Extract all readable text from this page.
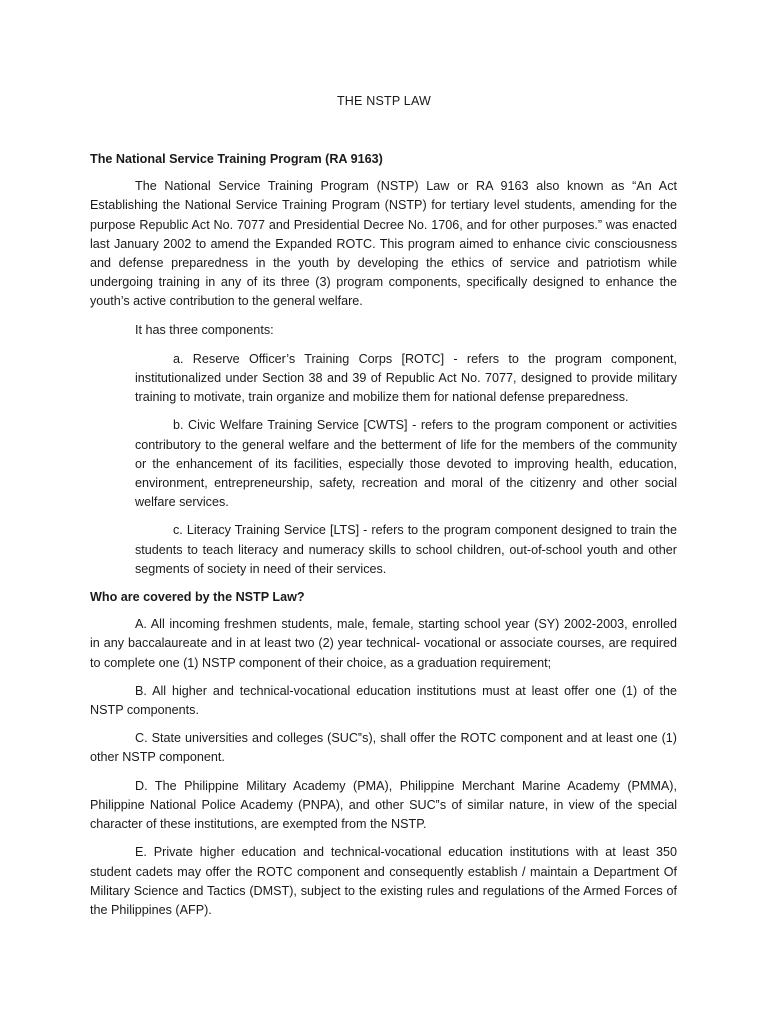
THE NSTP LAW
The National Service Training Program (RA 9163)

The National Service Training Program (NSTP) Law or RA 9163 also known as “An Act Establishing the National Service Training Program (NSTP) for tertiary level students, amending for the purpose Republic Act No. 7077 and Presidential Decree No. 1706, and for other purposes.” was enacted last January 2002 to amend the Expanded ROTC. This program aimed to enhance civic consciousness and defense preparedness in the youth by developing the ethics of service and patriotism while undergoing training in any of its three (3) program components, specifically designed to enhance the youth’s active contribution to the general welfare.

It has three components:

a. Reserve Officer’s Training Corps [ROTC] - refers to the program component, institutionalized under Section 38 and 39 of Republic Act No. 7077, designed to provide military training to motivate, train organize and mobilize them for national defense preparedness.

b. Civic Welfare Training Service [CWTS] - refers to the program component or activities contributory to the general welfare and the betterment of life for the members of the community or the enhancement of its facilities, especially those devoted to improving health, education, environment, entrepreneurship, safety, recreation and moral of the citizenry and other social welfare services.

c. Literacy Training Service [LTS] - refers to the program component designed to train the students to teach literacy and numeracy skills to school children, out-of-school youth and other segments of society in need of their services.

Who are covered by the NSTP Law?

A. All incoming freshmen students, male, female, starting school year (SY) 2002-2003, enrolled in any baccalaureate and in at least two (2) year technical- vocational or associate courses, are required to complete one (1) NSTP component of their choice, as a graduation requirement;

B. All higher and technical-vocational education institutions must at least offer one (1) of the NSTP components.

C. State universities and colleges (SUC‟s), shall offer the ROTC component and at least one (1) other NSTP component.

D. The Philippine Military Academy (PMA), Philippine Merchant Marine Academy (PMMA), Philippine National Police Academy (PNPA), and other SUC‟s of similar nature, in view of the special character of these institutions, are exempted from the NSTP.

E. Private higher education and technical-vocational education institutions with at least 350 student cadets may offer the ROTC component and consequently establish / maintain a Department Of Military Science and Tactics (DMST), subject to the existing rules and regulations of the Armed Forces of the Philippines (AFP).
